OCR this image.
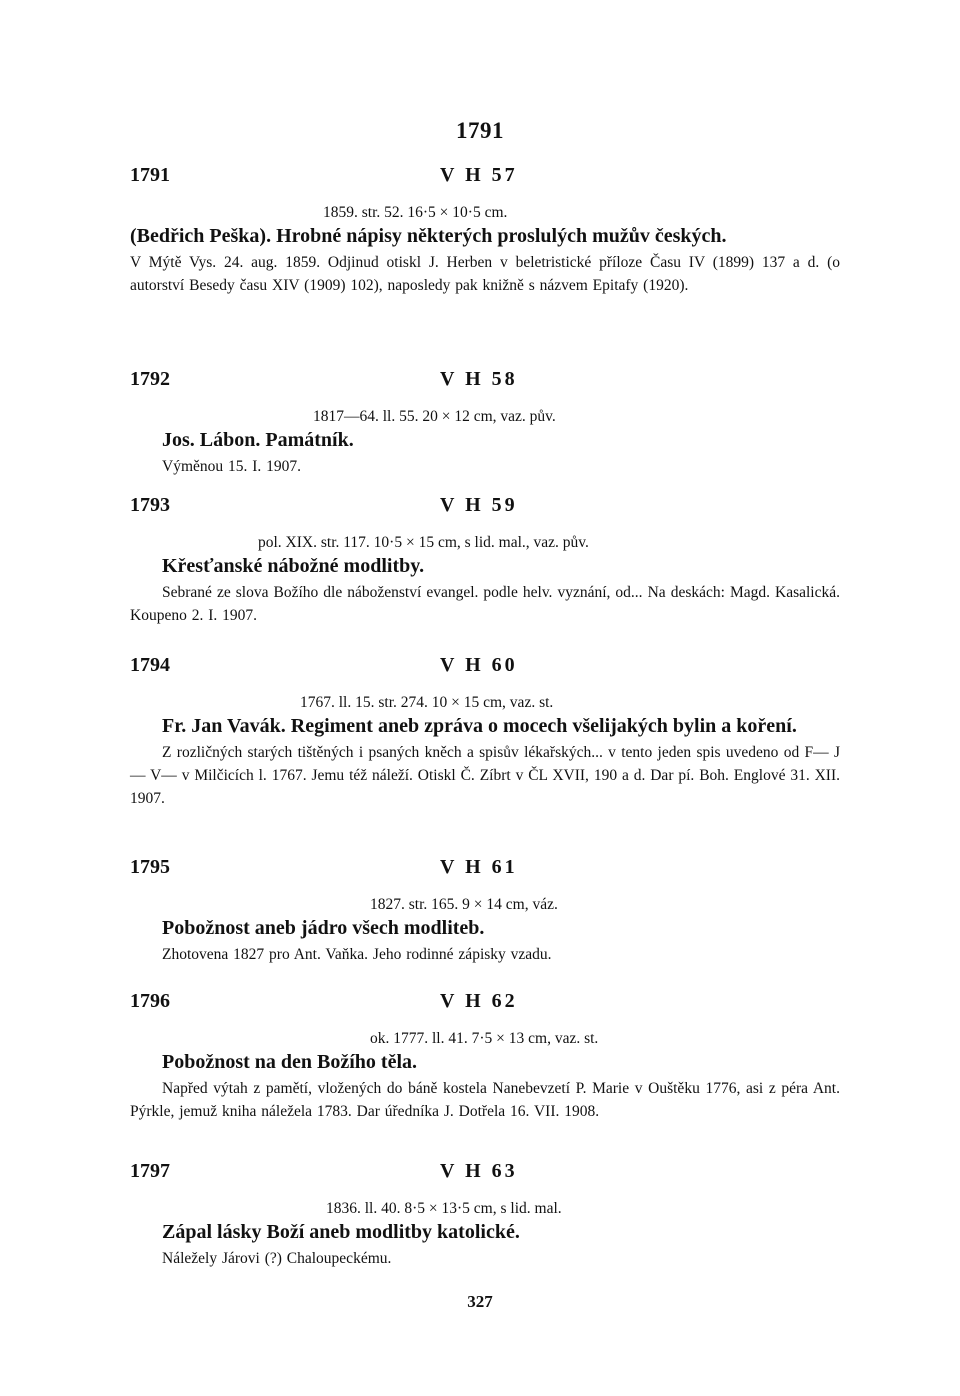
1791
1791	V H 57
1859. str. 52. 16·5 × 10·5 cm.
(Bedřich Peška). Hrobné nápisy některých proslulých mužův českých.
V Mýtě Vys. 24. aug. 1859. Odjinud otiskl J. Herben v beletristické příloze Času IV (1899) 137 a d. (o autorství Besedy času XIV (1909) 102), naposledy pak knižně s názvem Epitafy (1920).
1792	V H 58
1817—64. ll. 55. 20 × 12 cm, vaz. pův.
Jos. Lábon. Památník.
Výměnou 15. I. 1907.
1793	V H 59
pol. XIX. str. 117. 10·5 × 15 cm, s lid. mal., vaz. pův.
Křesťanské nábožné modlitby.
Sebrané ze slova Božího dle náboženství evangel. podle helv. vyznání, od... Na deskách: Magd. Kasalická. Koupeno 2. I. 1907.
1794	V H 60
1767. ll. 15. str. 274. 10 × 15 cm, vaz. st.
Fr. Jan Vavák. Regiment aneb zpráva o mocech všelijakých bylin a koření.
Z rozličných starých tištěných i psaných kněch a spisův lékařských... v tento jeden spis uvedeno od F— J— V— v Milčicích l. 1767. Jemu též náleží. Otiskl Č. Zíbrt v ČL XVII, 190 a d. Dar pí. Boh. Englové 31. XII. 1907.
1795	V H 61
1827. str. 165. 9 × 14 cm, váz.
Pobožnost aneb jádro všech modliteb.
Zhotovena 1827 pro Ant. Vaňka. Jeho rodinné zápisky vzadu.
1796	V H 62
ok. 1777. ll. 41. 7·5 × 13 cm, vaz. st.
Pobožnost na den Božího těla.
Napřed výtah z pamětí, vložených do báně kostela Nanebevzetí P. Marie v Ouštěku 1776, asi z péra Ant. Pýrkle, jemuž kniha náležela 1783. Dar úředníka J. Dotřela 16. VII. 1908.
1797	V H 63
1836. ll. 40. 8·5 × 13·5 cm, s lid. mal.
Zápal lásky Boží aneb modlitby katolické.
Náležely Járovi (?) Chaloupeckému.
327
